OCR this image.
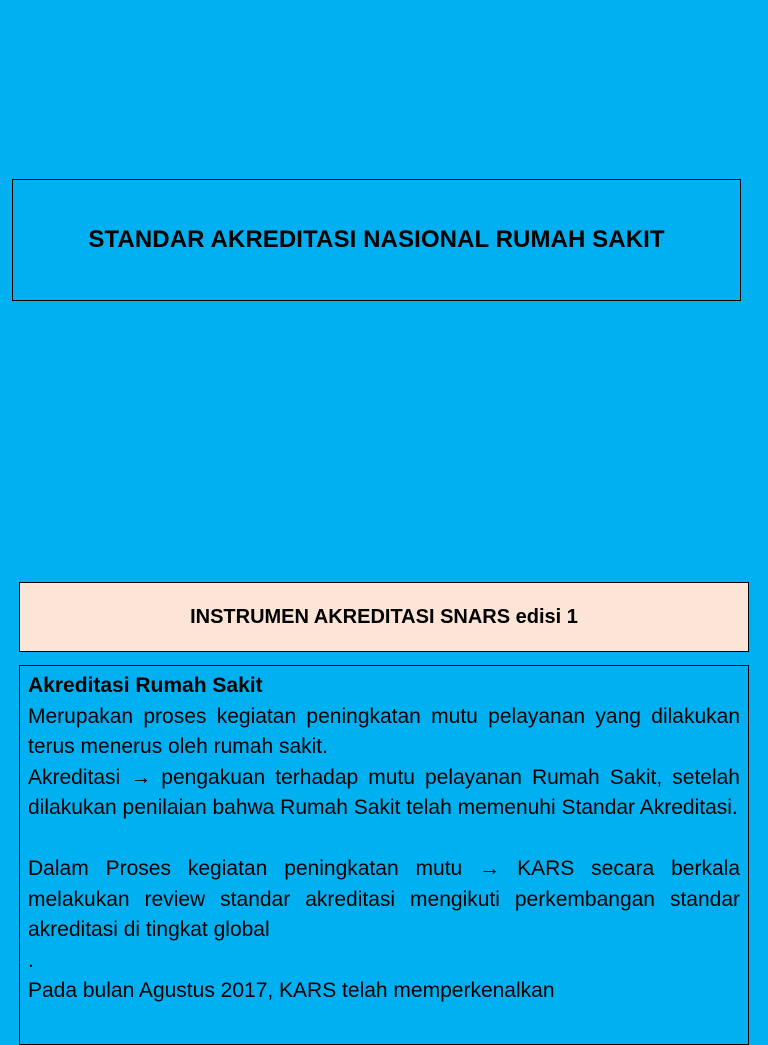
STANDAR AKREDITASI NASIONAL RUMAH SAKIT
INSTRUMEN AKREDITASI SNARS edisi 1

Akreditasi Rumah Sakit

Merupakan proses kegiatan peningkatan mutu pelayanan yang dilakukan terus menerus oleh rumah sakit.

Akreditasi → pengakuan terhadap mutu pelayanan Rumah Sakit, setelah dilakukan penilaian bahwa Rumah Sakit telah memenuhi Standar Akreditasi.

Dalam Proses kegiatan peningkatan mutu → KARS secara berkala melakukan review standar akreditasi mengikuti perkembangan standar akreditasi di tingkat global

.

Pada bulan Agustus 2017, KARS telah memperkenalkan
